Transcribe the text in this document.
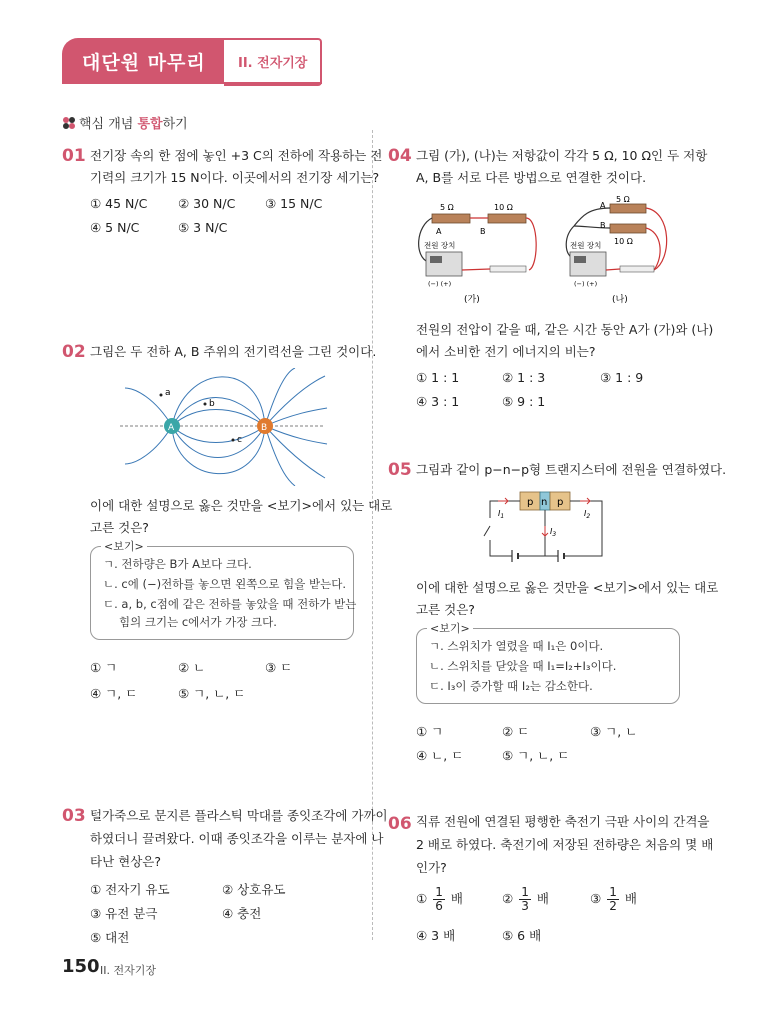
대단원 마무리 II. 전자기장
핵심 개념 통합하기
01 전기장 속의 한 점에 놓인 +3 C의 전하에 작용하는 전
기력의 크기가 15 N이다. 이곳에서의 전기장 세기는?
① 45 N/C ② 30 N/C ③ 15 N/C
④ 5 N/C	⑤ 3 N/C
02 그림은 두 전하 A, B 주위의 전기력선을 그린 것이다.
A	B
a
b
c
이에 대한 설명으로 옳은 것만을 <보기>에서 있는 대로
고른 것은?
<보기>
ㄱ. 전하량은 B가 A보다 크다.
ㄴ. c에 (−)전하를 놓으면 왼쪽으로 힘을 받는다.
ㄷ. a, b, c점에 같은 전하를 놓았을 때 전하가 받는
힘의 크기는 c에서가 가장 크다.
① ㄱ	② ㄴ	③ ㄷ
④ ㄱ, ㄷ	⑤ ㄱ, ㄴ, ㄷ
03 털가죽으로 문지른 플라스틱 막대를 종잇조각에 가까이
하였더니 끌려왔다. 이때 종잇조각을 이루는 분자에 나
타난 현상은?
① 전자기 유도	② 상호유도
③ 유전 분극	④ 충전
⑤ 대전
04 그림 (가), (나)는 저항값이 각각 5 Ω, 10 Ω인 두 저항
A, B를 서로 다른 방법으로 연결한 것이다.
5 Ω	10 Ω
A	B
전원 장치
(−) (+)
(가)
A
5 Ω
B
10 Ω
전원 장치
(−) (+)
(나)
전원의 전압이 같을 때, 같은 시간 동안 A가 (가)와 (나)
에서 소비한 전기 에너지의 비는?
① 1 : 1	② 1 : 3	③ 1 : 9
④ 3 : 1	⑤ 9 : 1
05 그림과 같이 p−n−p형 트랜지스터에 전원을 연결하였다.
p n p
$I_1$	$I_2$
$I_3$
이에 대한 설명으로 옳은 것만을 <보기>에서 있는 대로
고른 것은?
<보기>
ㄱ. 스위치가 열렸을 때 I₁은 0이다.
ㄴ. 스위치를 닫았을 때 I₁=I₂+I₃이다.
ㄷ. I₃이 증가할 때 I₂는 감소한다.
① ㄱ	② ㄷ	③ ㄱ, ㄴ
④ ㄴ, ㄷ	⑤ ㄱ, ㄴ, ㄷ
06 직류 전원에 연결된 평행한 축전기 극판 사이의 간격을
2 배로 하였다. 축전기에 저장된 전하량은 처음의 몇 배
인가?
① $\frac{1}{6}$ 배	② $\frac{1}{3}$ 배	③ $\frac{1}{2}$ 배
④ 3 배	⑤ 6 배
150 II. 전자기장
